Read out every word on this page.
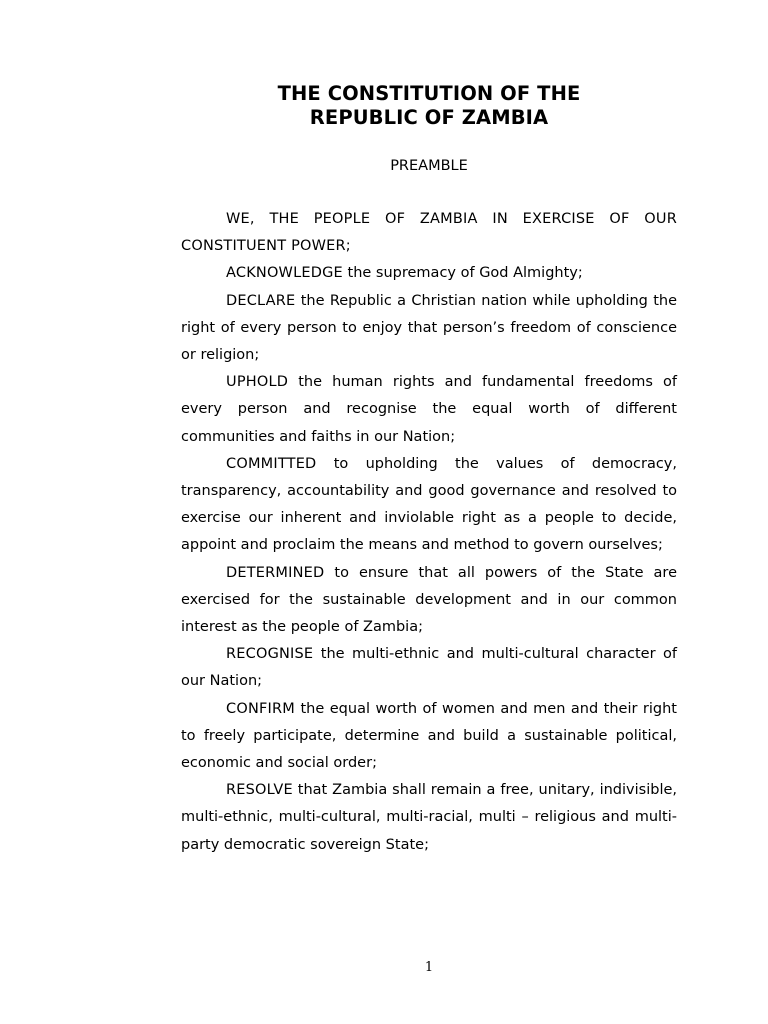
THE CONSTITUTION OF THE
REPUBLIC OF ZAMBIA
PREAMBLE

WE, THE PEOPLE OF ZAMBIA IN EXERCISE OF OUR CONSTITUENT POWER;

ACKNOWLEDGE the supremacy of God Almighty;

DECLARE the Republic a Christian nation while upholding the right of every person to enjoy that person’s freedom of conscience or religion;

UPHOLD the human rights and fundamental freedoms of every person and recognise the equal worth of different communities and faiths in our Nation;

COMMITTED to upholding the values of democracy, transparency, accountability and good governance and resolved to exercise our inherent and inviolable right as a people to decide, appoint and proclaim the means and method to govern ourselves;

DETERMINED to ensure that all powers of the State are exercised for the sustainable development and in our common interest as the people of Zambia;

RECOGNISE the multi-ethnic and multi-cultural character of our Nation;

CONFIRM the equal worth of women and men and their right to freely participate, determine and build a sustainable political, economic and social order;

RESOLVE that Zambia shall remain a free, unitary, indivisible, multi-ethnic, multi-cultural, multi-racial, multi – religious and multi-party democratic sovereign State;

1
